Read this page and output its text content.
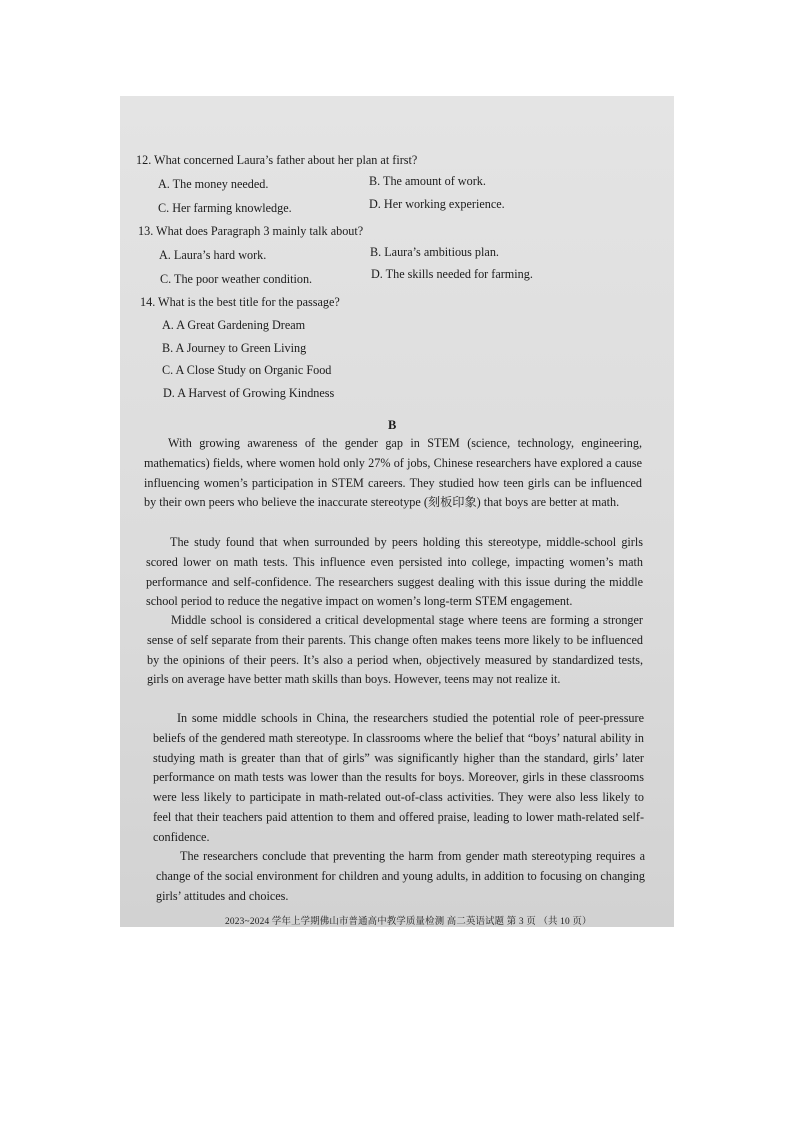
12. What concerned Laura’s father about her plan at first?
A. The money needed.	B. The amount of work.
C. Her farming knowledge.	D. Her working experience.
13. What does Paragraph 3 mainly talk about?
A. Laura’s hard work.	B. Laura’s ambitious plan.
C. The poor weather condition.	D. The skills needed for farming.
14. What is the best title for the passage?
A. A Great Gardening Dream
B. A Journey to Green Living
C. A Close Study on Organic Food
D. A Harvest of Growing Kindness
B
With growing awareness of the gender gap in STEM (science, technology, engineering, mathematics) fields, where women hold only 27% of jobs, Chinese researchers have explored a cause influencing women’s participation in STEM careers. They studied how teen girls can be influenced by their own peers who believe the inaccurate stereotype (刻板印象) that boys are better at math.
The study found that when surrounded by peers holding this stereotype, middle-school girls scored lower on math tests. This influence even persisted into college, impacting women’s math performance and self-confidence. The researchers suggest dealing with this issue during the middle school period to reduce the negative impact on women’s long-term STEM engagement.
Middle school is considered a critical developmental stage where teens are forming a stronger sense of self separate from their parents. This change often makes teens more likely to be influenced by the opinions of their peers. It’s also a period when, objectively measured by standardized tests, girls on average have better math skills than boys. However, teens may not realize it.
In some middle schools in China, the researchers studied the potential role of peer-pressure beliefs of the gendered math stereotype. In classrooms where the belief that “boys’ natural ability in studying math is greater than that of girls” was significantly higher than the standard, girls’ later performance on math tests was lower than the results for boys. Moreover, girls in these classrooms were less likely to participate in math-related out-of-class activities. They were also less likely to feel that their teachers paid attention to them and offered praise, leading to lower math-related self-confidence.
The researchers conclude that preventing the harm from gender math stereotyping requires a change of the social environment for children and young adults, in addition to focusing on changing girls’ attitudes and choices.
2023~2024 学年上学期佛山市普通高中教学质量检测 高二英语试题 第 3 页 （共 10 页）
